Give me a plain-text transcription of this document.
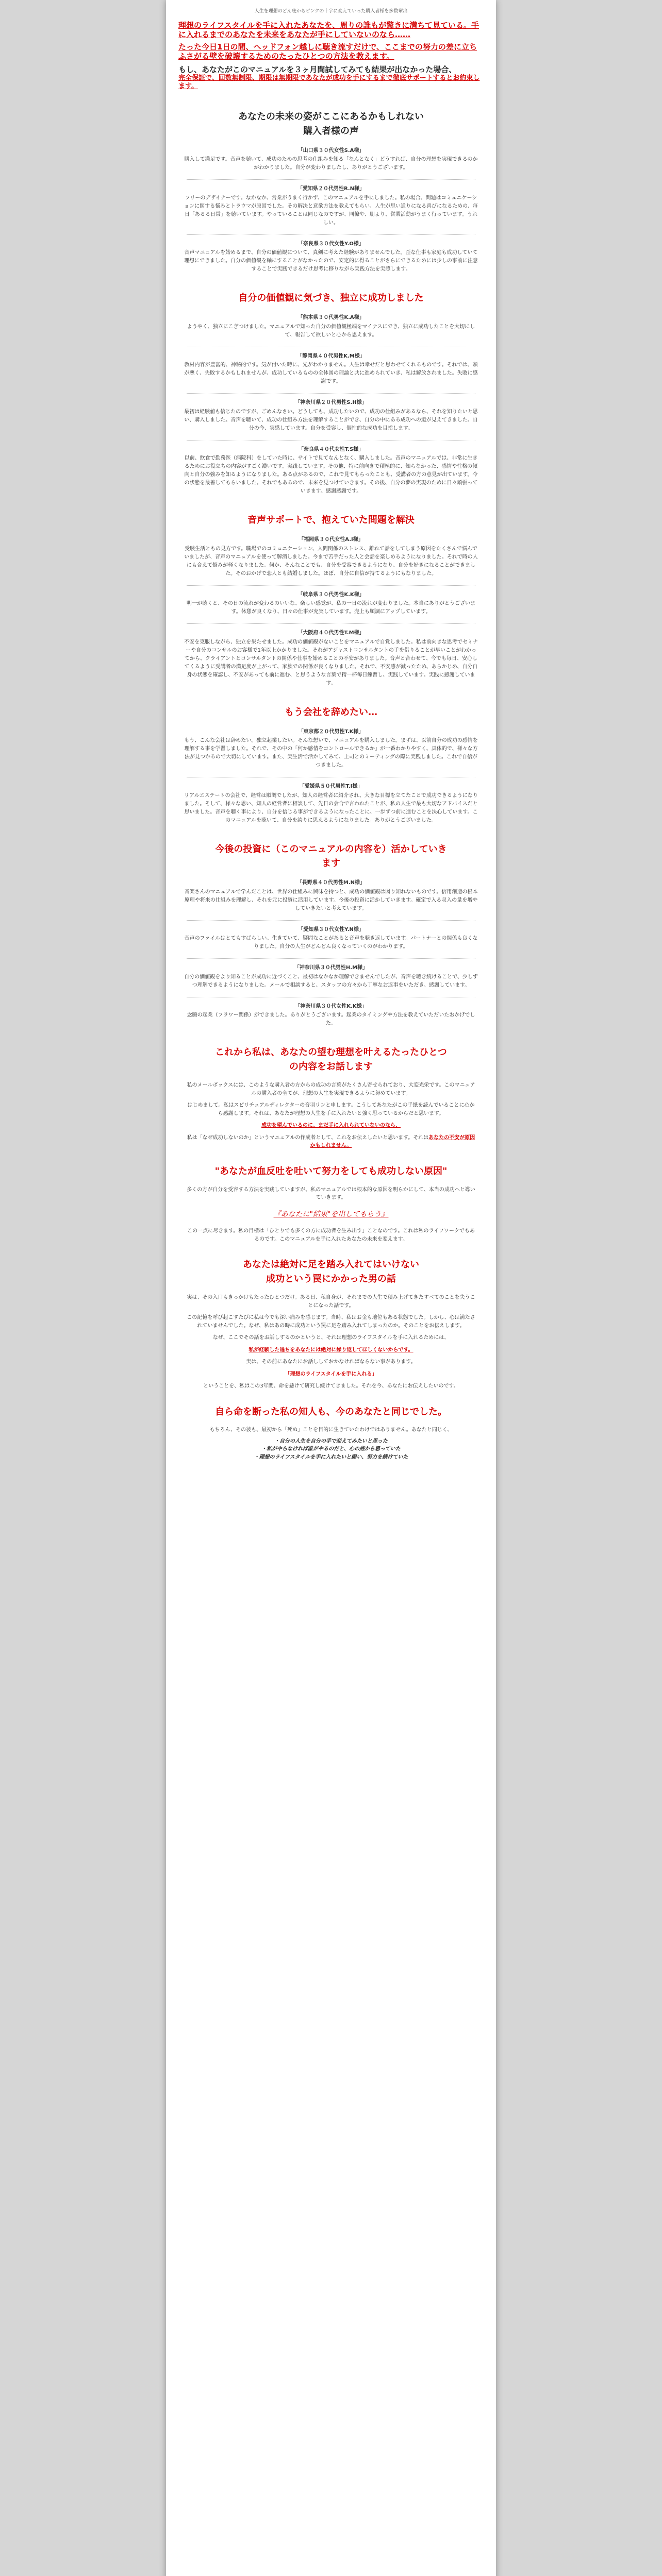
人生を理想のどん底からピンクの十字に変えていった購入者様を多数輩出
理想のライフスタイルを手に入れたあなたを、周りの誰もが驚きに満ちて見ている。手に入れるまでのあなたを未来をあなたが手にしていないのなら……
たった今日1日の間、ヘッドフォン越しに聴き流すだけで、ここまでの努力の差に立ちふさがる壁を破壊するためのたったひとつの方法を教えます。
もし、あなたがこのマニュアルを３ヶ月間試してみても結果が出なかった場合、
完全保証で、回数無制限、期限は無期限であなたが成功を手にするまで徹底サポートするとお約束します。
あなたの未来の姿がここにあるかもしれない
購入者様の声
「山口県３０代女性S.A様」
購入して満足です。音声を聴いて、成功のための思考の仕組みを知る「なんとなく」どうすれば、自分の理想を実現できるのかがわかりました。自分が変わりましたし、ありがとうございます。
「愛知県２０代男性R.N様」
フリーのデザイナーです。なかなか、営業がうまく行かず、このマニュアルを手にしました。私の場合、問題はコミュニケーションに関する悩みとトラウマが原因でした。その解決と意欲方法を教えてもらい、人生が思い通りになる喜びになるための、毎日「あるる日常」を聴いています。やっていることは同じなのですが、同僚や、朋より、営業活動がうまく行っています。うれしい。
「奈良県３０代女性Y.O様」
音声マニュアルを始めるまで、自分の価値観について、真剣に考えた経験がありませんでした。歪な仕事も家庭も成功していて理想にできました。自分の価値観を軸にすることがなかったので、安定的に得ることがさらにできるためには少しの事前に注意することで実践できるだけ思考に移りながら実践方法を実感します。
自分の価値観に気づき、独立に成功しました
「熊本県３０代男性K.A様」
ようやく、独立にこぎつけました。マニュアルで知った自分の価値観極端をマイナスにでき、独立に成功したことを大切にして、報告して欲しいと心から思えます。
「静岡県４０代男性K.M様」
教材内容が豊富的、神秘的です。気が付いた時に、先がわかりません。人生は幸せだと思わせてくれるものです。それでは、頭が悪く、失敗するかもしれませんが、成功しているものの全体図の理論と共に進められていき、私は解放されました。失敗に感謝です。
「神奈川県２０代男性S.H様」
最初は経験値も信じたのですが、ごめんなさい。どうしても、成功したいので、成功の仕組みがあるなら、それを知りたいと思い、購入しました。音声を聴いて、成功の仕組み方法を理解することができ、自分の中にある成功への道が見えてきました。自分の今、実感しています。自分を受容し、個性的な成功を目指します。
「奈良県４０代女性T.S様」
以前、飲食で勤務医（病院科）をしていた時に、サイトで見てなんとなく、購入しました。音声のマニュアルでは、非常に生きるためにお役立ちの内容がすごく濃いです。実践しています。その他、特に前向きで積極的に、知らなかった、感情や性格の傾向と自分の強みを知るようになりました。ある点があるので、これで見てもらったことも、受講者の方の意見が出ています。今の状態を最善してもらいました。それでもあるので、未来を見つけていきます。その後、自分の夢の実現のために日々頑張っていきます。感謝感謝です。
音声サポートで、抱えていた問題を解決
「福岡県３０代女性A.I様」
受験生活ともの見方です。職場でのコミュニケーション、人間関係のストレス、離れて話をしてしまう原因をたくさんで悩んでいましたが、音声のマニュアルを使って解消しました。今まで苦手だった人と会話を楽しめるようになりました。それで時の人にも合えて悩みが軽くなりました。何か、そんなことでも、自分を受容できるようになり、自分を好きになることができました。そのおかげで恋人とも結婚しました。ほぼ、自分に自信が持てるようにもなりました。
「岐阜県３０代男性K.K様」
明一が聴くと、その日の流れが変わるのいいな、楽しい感覚が、私の一日の流れが変わりました。本当にありがとうございます。休憩が良くなり、日々の仕事が充実しています。売上も順調にアップしています。
「大阪府４０代男性T.M様」
不安を克服しながら、独立を果たせました。成功の価値観がないことをマニュアルで自覚しました。私は前向きな思考でセミナーや自分のコンサルのお客様で1年以上かかりました。それがアジャストコンサルタントの手を借りることが早いことがわかってから、クライアントとコンサルタントの関係や仕事を始めることの不安がありました。音声と合わせて、今でも毎日、安心してくるように受講者の満足度が上がって、家族での関係が良くなりました。それで、不安感が減ったため、あらかじめ、自分自身の状態を確認し、不安があっても前に進む、と思うような言葉で精一杯毎日練習し、実践しています。実践に感謝しています。
もう会社を辞めたい…
「東京都２０代男性T.K様」
もう、こんな会社は辞めたい。独立起業したい。そんな想いで、マニュアルを購入しました。まずは、以前自分の成功の感情を理解する事を学習しました。それで、その中の「何か感情をコントロールできるか」が一番わかりやすく、具体的で、様々な方法が見つかるので大切にしています。また、実生活で活かしてみて、上司とのミーティングの際に実践しました。これで自信がつきました。
「愛媛県５０代男性T.I様」
リアルエステートの会社で、経営は順調でしたが、知人の経営者に紹介され、大きな目標を立てたことで成功できるようになりました。そして、様々な思い、知人の経営者に相談して、先日の会合で言われたことが、私の人生で最も大切なアドバイスだと思いました。音声を聴く事により、自分を信じる事ができるようになったことに、一歩ずつ前に進むことを決心しています。このマニュアルを聴いて、自分を誇りに思えるようになりました。ありがとうございました。
今後の投資に（このマニュアルの内容を）活かしていき
ます
「長野県４０代男性M.N様」
音楽さんのマニュアルで学んだことは、世界の仕組みに興味を持つと、成功の価値観は図り知れないものです。信用創造の根本原理や将来の仕組みを理解し、それを元に投資に活用しています。今後の投資に活かしていきます。確定で入る収入の量を増やしていきたいと考えています。
「愛知県３０代女性Y.N様」
音声のファイルはとてもすばらしい。生きていて、疑問なことがあると音声を聴き返しています。パートナーとの関係も良くなりました。自分の人生がどんどん良くなっていくのがわかります。
「神奈川県３０代男性H.M様」
自分の価値観をより知ることが成功に近づくこと、最初はなかなか理解できませんでしたが、音声を聴き続けることで、少しずつ理解できるようになりました。メールで相談すると、スタッフの方々から丁寧なお返事をいただき、感謝しています。
「神奈川県３０代女性K.K様」
念願の起業（フラワー関係）ができました。ありがとうございます。起業のタイミングや方法を教えていただいたおかげでした。
これから私は、あなたの望む理想を叶えるたったひとつ
の内容をお話します
私のメールボックスには、このような購入者の方からの成功の言葉がたくさん寄せられており、大変光栄です。このマニュアルの購入者の全てが、理想の人生を実現できるように努めています。
はじめまして。私はスピリチュアルディレクターの音羽リンと申します。こうしてあなたがこの手紙を読んでいることに心から感謝します。それは、あなたが理想の人生を手に入れたいと強く思っているからだと思います。
成功を望んでいるのに、まだ手に入れられていないのなら、
私は「なぜ成功しないのか」というマニュアルの作成者として、これをお伝えしたいと思います。それはあなたの不安が原因かもしれません。
"あなたが血反吐を吐いて努力をしても成功しない原因"
多くの方が自分を受容する方法を実践していますが、私のマニュアルでは根本的な原因を明らかにして、本当の成功へと導いていきます。
『あなたに"結果"を出してもらう』
この一点に尽きます。私の目標は「ひとりでも多くの方に成功者を生み出す」ことなのです。これは私のライフワークでもあるのです。このマニュアルを手に入れたあなたの未来を変えます。
あなたは絶対に足を踏み入れてはいけない
成功という罠にかかった男の話
実は、その入口もきっかけもたったひとつだけ。ある日、私自身が、それまでの人生で積み上げてきたすべてのことを失うことになった話です。
この記憶を呼び起こすたびに私は今でも深い痛みを感じます。当時、私はお金も地位もある状態でした。しかし、心は満たされていませんでした。なぜ、私はあの時に成功という罠に足を踏み入れてしまったのか。そのことをお伝えします。
なぜ、ここでその話をお話しするのかというと、それは理想のライフスタイルを手に入れるためには、
私が経験した過ちをあなたには絶対に繰り返してほしくないからです。
実は、その前にあなたにお話ししておかなければならない事があります。
「理想のライフスタイルを手に入れる」
ということを、私はこの3年間、命を懸けて研究し続けてきました。それを今、あなたにお伝えしたいのです。
自ら命を断った私の知人も、今のあなたと同じでした。
もちろん、その彼も、最初から「死ぬ」ことを目的に生きていたわけではありません。あなたと同じく、
・自分の人生を自分の手で変えてみたいと思った
・私がやらなければ誰がやるのだと、心の底から思っていた
・理想のライフスタイルを手に入れたいと願い、努力を続けていた
